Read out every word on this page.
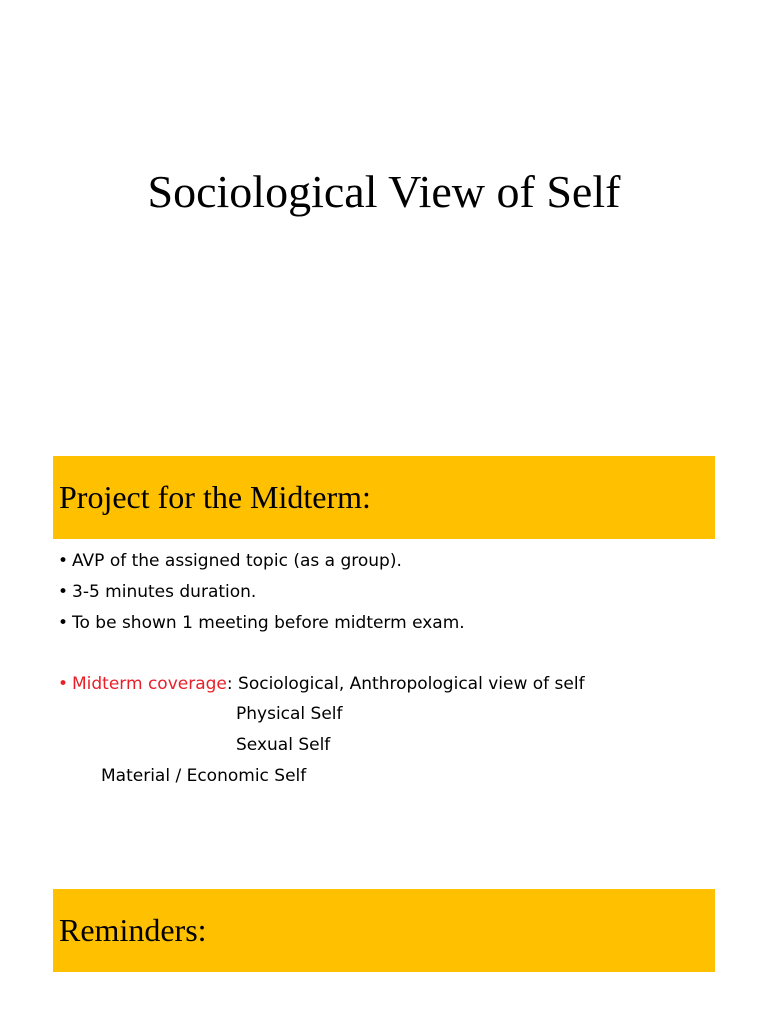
Sociological View of Self
Project for the Midterm:
• AVP of the assigned topic (as a group).
• 3-5 minutes duration.
• To be shown 1 meeting before midterm exam.
• Midterm coverage: Sociological, Anthropological view of self
Physical Self
Sexual Self
Material / Economic Self
Reminders:
